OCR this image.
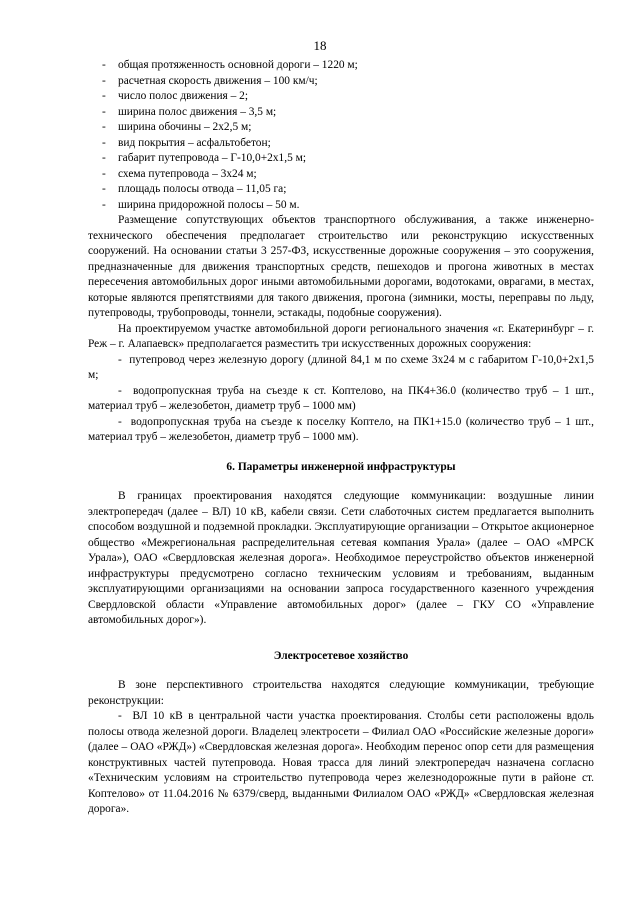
18
- общая протяженность основной дороги – 1220 м;
- расчетная скорость движения – 100 км/ч;
- число полос движения – 2;
- ширина полос движения – 3,5 м;
- ширина обочины – 2х2,5 м;
- вид покрытия – асфальтобетон;
- габарит путепровода – Г-10,0+2х1,5 м;
- схема путепровода – 3х24 м;
- площадь полосы отвода – 11,05 га;
- ширина придорожной полосы – 50 м.

Размещение сопутствующих объектов транспортного обслуживания, а также инженерно-технического обеспечения предполагает строительство или реконструкцию искусственных сооружений. На основании статьи 3 257-ФЗ, искусственные дорожные сооружения – это сооружения, предназначенные для движения транспортных средств, пешеходов и прогона животных в местах пересечения автомобильных дорог иными автомобильными дорогами, водотоками, оврагами, в местах, которые являются препятствиями для такого движения, прогона (зимники, мосты, переправы по льду, путепроводы, трубопроводы, тоннели, эстакады, подобные сооружения).

На проектируемом участке автомобильной дороги регионального значения «г. Екатеринбург – г. Реж – г. Алапаевск» предполагается разместить три искусственных дорожных сооружения:

- путепровод через железную дорогу (длиной 84,1 м по схеме 3х24 м с габаритом Г-10,0+2х1,5 м;

- водопропускная труба на съезде к ст. Коптелово, на ПК4+36.0 (количество труб – 1 шт., материал труб – железобетон, диаметр труб – 1000 мм)

- водопропускная труба на съезде к поселку Коптело, на ПК1+15.0 (количество труб – 1 шт., материал труб – железобетон, диаметр труб – 1000 мм).

6. Параметры инженерной инфраструктуры

В границах проектирования находятся следующие коммуникации: воздушные линии электропередач (далее – ВЛ) 10 кВ, кабели связи. Сети слаботочных систем предлагается выполнить способом воздушной и подземной прокладки. Эксплуатирующие организации – Открытое акционерное общество «Межрегиональная распределительная сетевая компания Урала» (далее – ОАО «МРСК Урала»), ОАО «Свердловская железная дорога». Необходимое переустройство объектов инженерной инфраструктуры предусмотрено согласно техническим условиям и требованиям, выданным эксплуатирующими организациями на основании запроса государственного казенного учреждения Свердловской области «Управление автомобильных дорог» (далее – ГКУ СО «Управление автомобильных дорог»).

Электросетевое хозяйство

В зоне перспективного строительства находятся следующие коммуникации, требующие реконструкции:

- ВЛ 10 кВ в центральной части участка проектирования. Столбы сети расположены вдоль полосы отвода железной дороги. Владелец электросети – Филиал ОАО «Российские железные дороги» (далее – ОАО «РЖД») «Свердловская железная дорога». Необходим перенос опор сети для размещения конструктивных частей путепровода. Новая трасса для линий электропередач назначена согласно «Техническим условиям на строительство путепровода через железнодорожные пути в районе ст. Коптелово» от 11.04.2016 № 6379/сверд, выданными Филиалом ОАО «РЖД» «Свердловская железная дорога».
